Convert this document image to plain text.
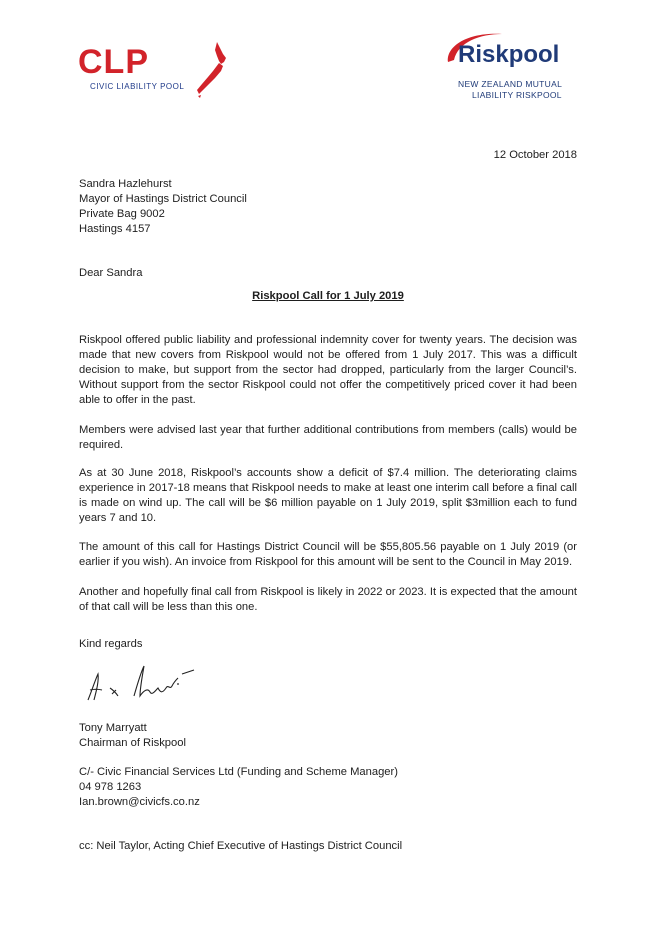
CLP
CIVIC LIABILITY POOL
Riskpool
NEW ZEALAND MUTUAL
LIABILITY RISKPOOL
12 October 2018
Sandra Hazlehurst
Mayor of Hastings District Council
Private Bag 9002
Hastings 4157
Dear Sandra
Riskpool Call for 1 July 2019
Riskpool offered public liability and professional indemnity cover for twenty years. The decision was made that new covers from Riskpool would not be offered from 1 July 2017. This was a difficult decision to make, but support from the sector had dropped, particularly from the larger Council’s. Without support from the sector Riskpool could not offer the competitively priced cover it had been able to offer in the past.
Members were advised last year that further additional contributions from members (calls) would be required.
As at 30 June 2018, Riskpool’s accounts show a deficit of $7.4 million. The deteriorating claims experience in 2017-18 means that Riskpool needs to make at least one interim call before a final call is made on wind up. The call will be $6 million payable on 1 July 2019, split $3million each to fund years 7 and 10.
The amount of this call for Hastings District Council will be $55,805.56 payable on 1 July 2019 (or earlier if you wish). An invoice from Riskpool for this amount will be sent to the Council in May 2019.
Another and hopefully final call from Riskpool is likely in 2022 or 2023. It is expected that the amount of that call will be less than this one.
Kind regards
Tony Marryatt
Chairman of Riskpool
C/- Civic Financial Services Ltd (Funding and Scheme Manager)
04 978 1263
Ian.brown@civicfs.co.nz
cc: Neil Taylor, Acting Chief Executive of Hastings District Council
